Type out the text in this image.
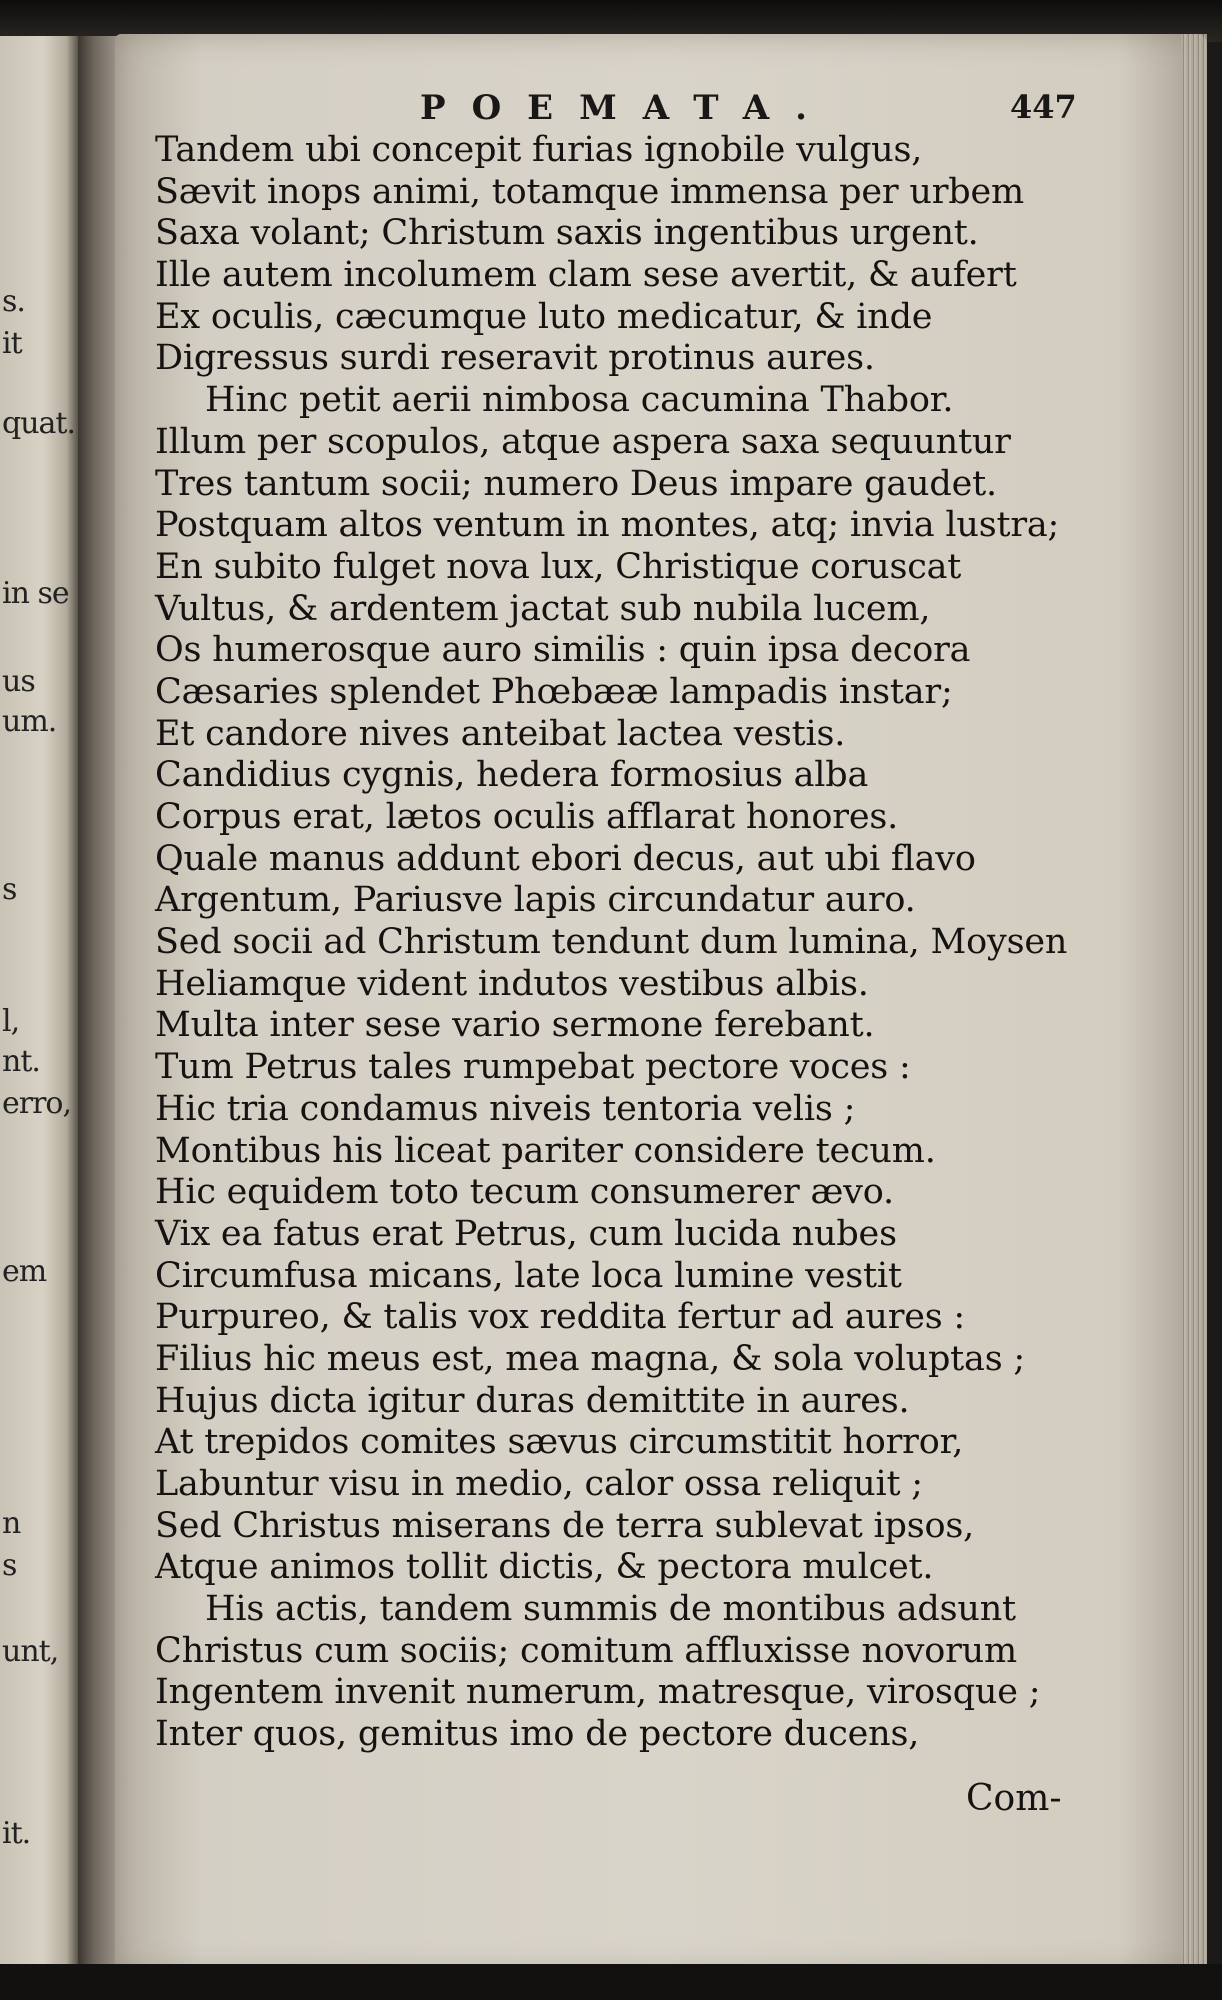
s.
it
quat.
in se
us
um.
s
l,
nt.
erro,
em
n
s
unt,
it.
POEMATA.	447
Tandem ubi concepit furias ignobile vulgus,
Sævit inops animi, totamque immensa per urbem
Saxa volant; Christum saxis ingentibus urgent.
Ille autem incolumem clam sese avertit, & aufert
Ex oculis, cæcumque luto medicatur, & inde
Digressus surdi reseravit protinus aures.
Hinc petit aerii nimbosa cacumina Thabor.
Illum per scopulos, atque aspera saxa sequuntur
Tres tantum socii; numero Deus impare gaudet.
Postquam altos ventum in montes, atq; invia lustra;
En subito fulget nova lux, Christique coruscat
Vultus, & ardentem jactat sub nubila lucem,
Os humerosque auro similis : quin ipsa decora
Cæsaries splendet Phœbææ lampadis instar;
Et candore nives anteibat lactea vestis.
Candidius cygnis, hedera formosius alba
Corpus erat, lætos oculis afflarat honores.
Quale manus addunt ebori decus, aut ubi flavo
Argentum, Pariusve lapis circundatur auro.
Sed socii ad Christum tendunt dum lumina, Moysen
Heliamque vident indutos vestibus albis.
Multa inter sese vario sermone ferebant.
Tum Petrus tales rumpebat pectore voces :
Hic tria condamus niveis tentoria velis ;
Montibus his liceat pariter considere tecum.
Hic equidem toto tecum consumerer ævo.
Vix ea fatus erat Petrus, cum lucida nubes
Circumfusa micans, late loca lumine vestit
Purpureo, & talis vox reddita fertur ad aures :
Filius hic meus est, mea magna, & sola voluptas ;
Hujus dicta igitur duras demittite in aures.
At trepidos comites sævus circumstitit horror,
Labuntur visu in medio, calor ossa reliquit ;
Sed Christus miserans de terra sublevat ipsos,
Atque animos tollit dictis, & pectora mulcet.
His actis, tandem summis de montibus adsunt
Christus cum sociis; comitum affluxisse novorum
Ingentem invenit numerum, matresque, virosque ;
Inter quos, gemitus imo de pectore ducens,
Com-
